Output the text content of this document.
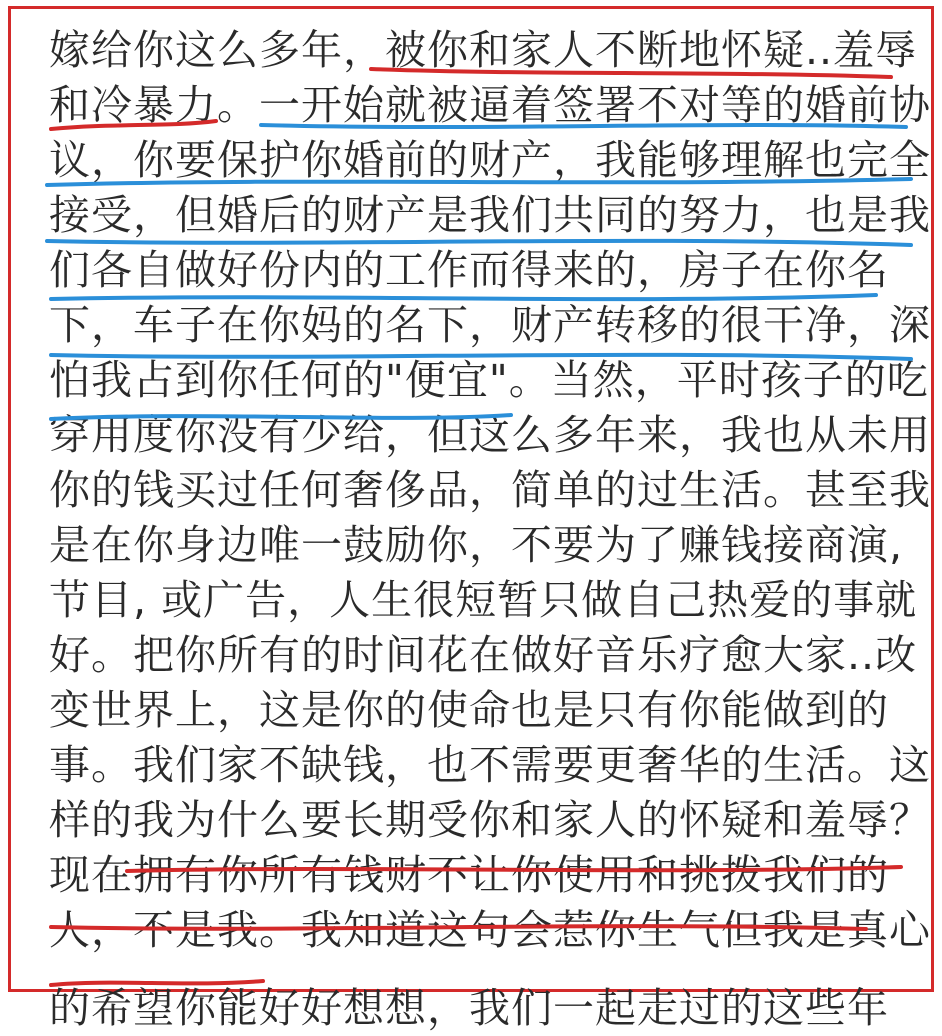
嫁给你这么多年，被你和家人不断地怀疑..羞辱
和冷暴力。一开始就被逼着签署不对等的婚前协
议，你要保护你婚前的财产，我能够理解也完全
接受，但婚后的财产是我们共同的努力，也是我
们各自做好份内的工作而得来的，房子在你名
下，车子在你妈的名下，财产转移的很干净，深
怕我占到你任何的"便宜"。当然，平时孩子的吃
穿用度你没有少给，但这么多年来，我也从未用
你的钱买过任何奢侈品，简单的过生活。甚至我
是在你身边唯一鼓励你，不要为了赚钱接商演,
节目, 或广告，人生很短暂只做自己热爱的事就
好。把你所有的时间花在做好音乐疗愈大家..改
变世界上，这是你的使命也是只有你能做到的
事。我们家不缺钱，也不需要更奢华的生活。这
样的我为什么要长期受你和家人的怀疑和羞辱？
现在拥有你所有钱财不让你使用和挑拨我们的
人，不是我。我知道这句会惹你生气但我是真心
的希望你能好好想想，我们一起走过的这些年
